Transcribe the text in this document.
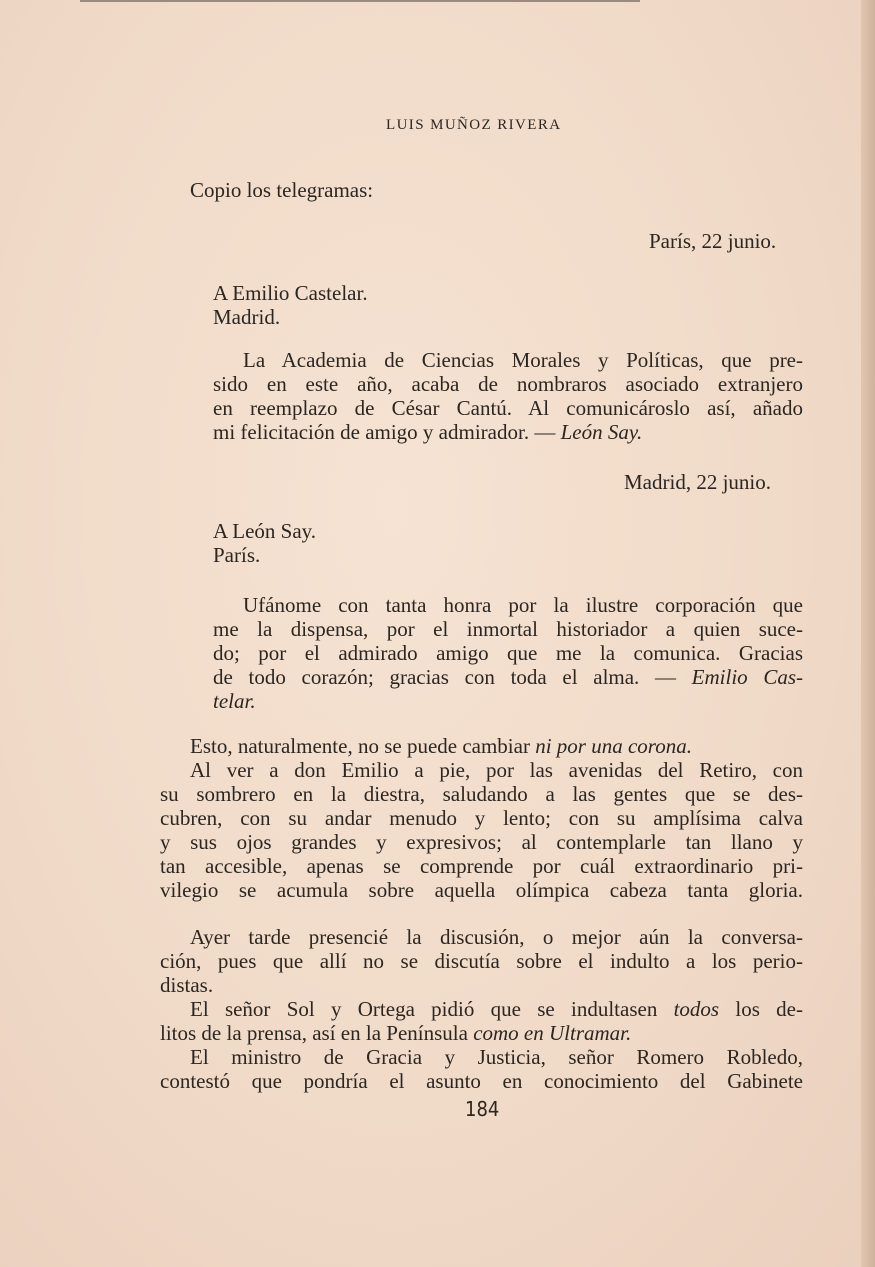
LUIS MUÑOZ RIVERA
Copio los telegramas:
París, 22 junio.
A Emilio Castelar.
Madrid.
La Academia de Ciencias Morales y Políticas, que pre-
sido en este año, acaba de nombraros asociado extranjero
en reemplazo de César Cantú. Al comunicároslo así, añado
mi felicitación de amigo y admirador. — León Say.
Madrid, 22 junio.
A León Say.
París.
Ufánome con tanta honra por la ilustre corporación que
me la dispensa, por el inmortal historiador a quien suce-
do; por el admirado amigo que me la comunica. Gracias
de todo corazón; gracias con toda el alma. — Emilio Cas-
telar.
Esto, naturalmente, no se puede cambiar ni por una corona.
Al ver a don Emilio a pie, por las avenidas del Retiro, con
su sombrero en la diestra, saludando a las gentes que se des-
cubren, con su andar menudo y lento; con su amplísima calva
y sus ojos grandes y expresivos; al contemplarle tan llano y
tan accesible, apenas se comprende por cuál extraordinario pri-
vilegio se acumula sobre aquella olímpica cabeza tanta gloria.
Ayer tarde presencié la discusión, o mejor aún la conversa-
ción, pues que allí no se discutía sobre el indulto a los perio-
distas.
El señor Sol y Ortega pidió que se indultasen todos los de-
litos de la prensa, así en la Península como en Ultramar.
El ministro de Gracia y Justicia, señor Romero Robledo,
contestó que pondría el asunto en conocimiento del Gabinete
184
